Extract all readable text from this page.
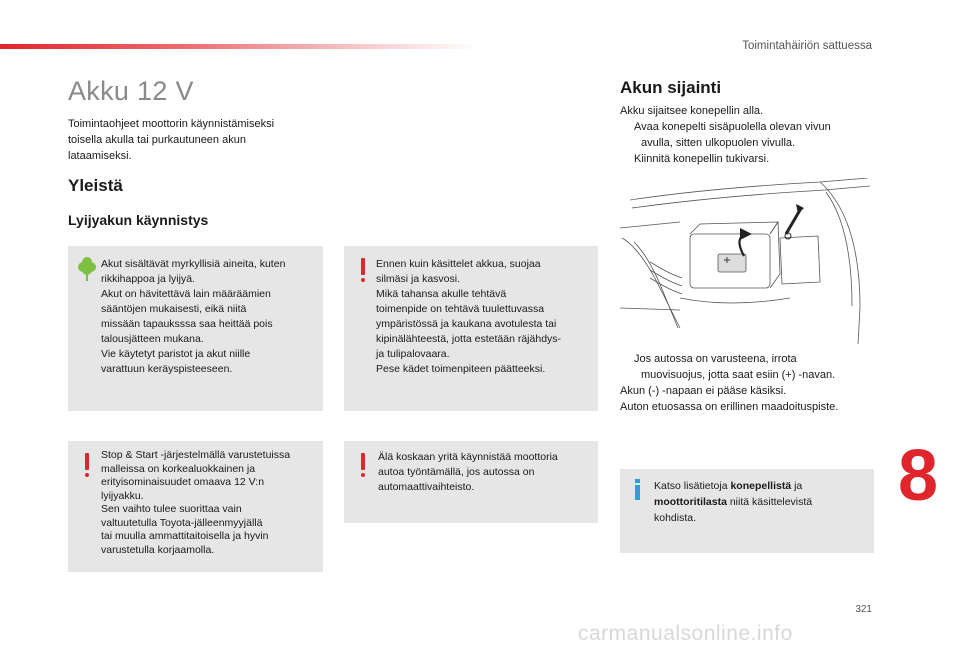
Toimintahäiriön sattuessa
Akku 12 V
Toimintaohjeet moottorin käynnistämiseksi
toisella akulla tai purkautuneen akun
lataamiseksi.
Yleistä
Lyijyakun käynnistys
Akut sisältävät myrkyllisiä aineita, kuten
rikkihappoa ja lyijyä.
Akut on hävitettävä lain määräämien
sääntöjen mukaisesti, eikä niitä
missään tapauksssa saa heittää pois
talousjätteen mukana.
Vie käytetyt paristot ja akut niille
varattuun keräyspisteeseen.
Ennen kuin käsittelet akkua, suojaa
silmäsi ja kasvosi.
Mikä tahansa akulle tehtävä
toimenpide on tehtävä tuulettuvassa
ympäristössä ja kaukana avotulesta tai
kipinälähteestä, jotta estetään räjähdys-
ja tulipalovaara.
Pese kädet toimenpiteen päätteeksi.
Stop & Start -järjestelmällä varustetuissa
malleissa on korkealuokkainen ja
erityisominaisuudet omaava 12 V:n
lyijyakku.
Sen vaihto tulee suorittaa vain
valtuutetulla Toyota-jälleenmyyjällä
tai muulla ammattitaitoisella ja hyvin
varustetulla korjaamolla.
Älä koskaan yritä käynnistää moottoria
autoa työntämällä, jos autossa on
automaattivaihteisto.
Akun sijainti
Akku sijaitsee konepellin alla.
Avaa konepelti sisäpuolella olevan vivun
avulla, sitten ulkopuolen vivulla.
Kiinnitä konepellin tukivarsi.
Jos autossa on varusteena, irrota
muovisuojus, jotta saat esiin (+) -navan.
Akun (-) -napaan ei pääse käsiksi.
Auton etuosassa on erillinen maadoituspiste.
Katso lisätietoja konepellistä ja
moottoritilasta niitä käsittelevistä
kohdista.
8
321
carmanualsonline.info
